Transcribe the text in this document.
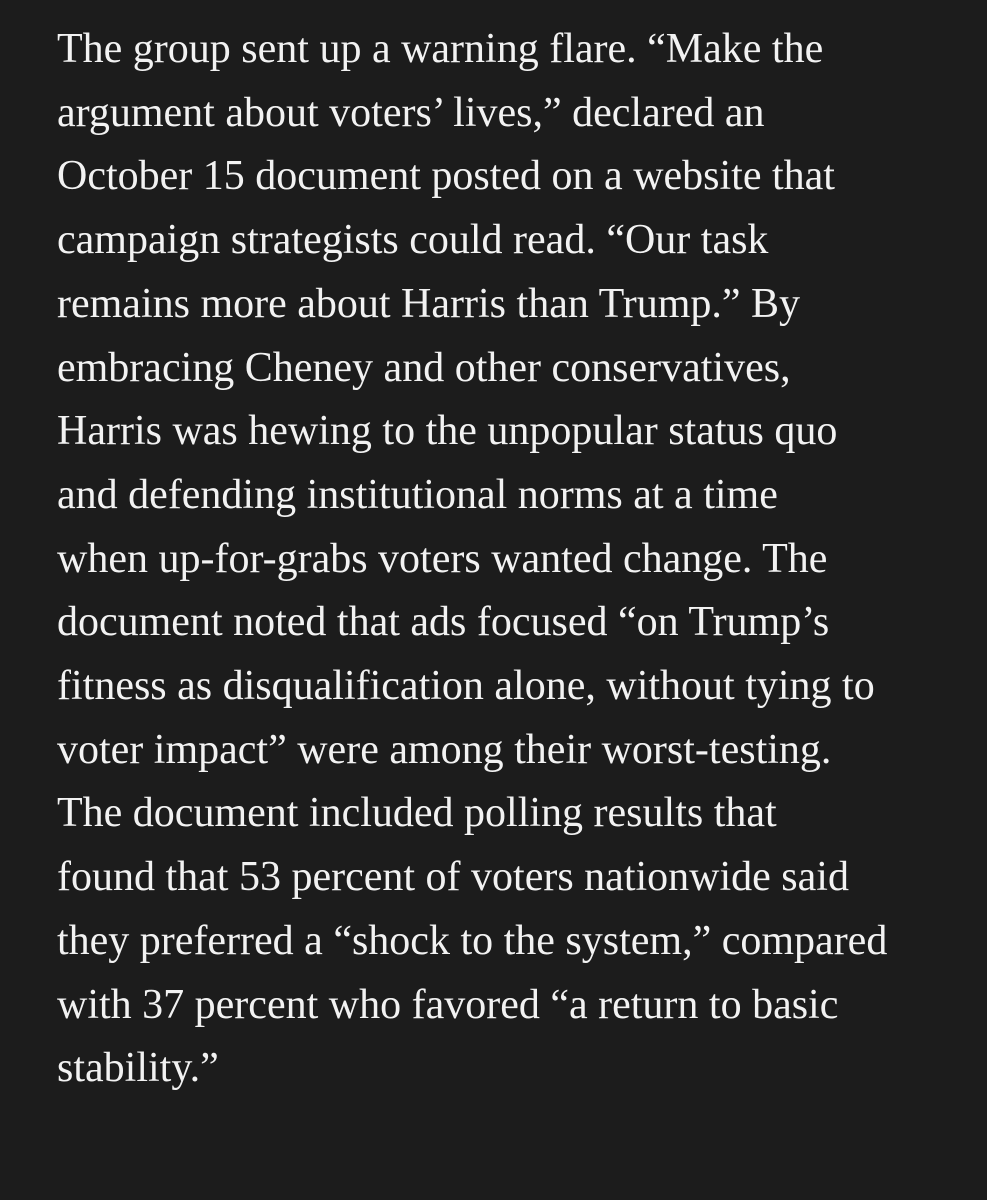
The group sent up a warning flare. “Make the
argument about voters’ lives,” declared an
October 15 document posted on a website that
campaign strategists could read. “Our task
remains more about Harris than Trump.” By
embracing Cheney and other conservatives,
Harris was hewing to the unpopular status quo
and defending institutional norms at a time
when up-for-grabs voters wanted change. The
document noted that ads focused “on Trump’s
fitness as disqualification alone, without tying to
voter impact” were among their worst-testing.
The document included polling results that
found that 53 percent of voters nationwide said
they preferred a “shock to the system,” compared
with 37 percent who favored “a return to basic
stability.”
